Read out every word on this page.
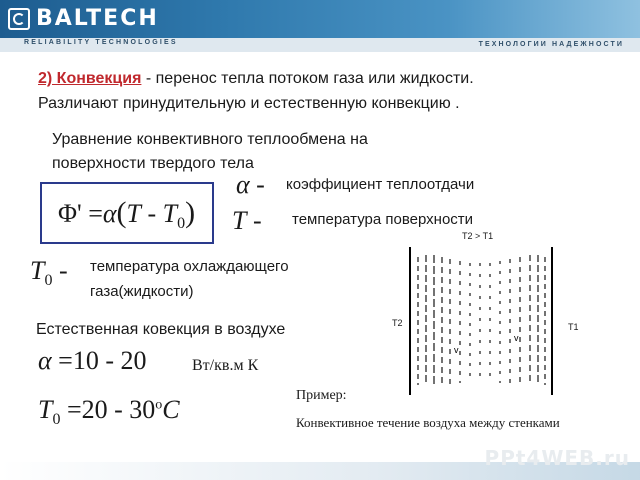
BALTECH
RELIABILITY TECHNOLOGIES	ТЕХНОЛОГИИ НАДЕЖНОСТИ
2) Конвекция - перенос тепла потоком газа или жидкости.
Различают принудительную и естественную конвекцию .
Уравнение конвективного теплообмена на поверхности твердого тела
$\Phi' =\alpha(T - T_0)$
α - коэффициент теплоотдачи
T - температура поверхности
$T_0$ - температура охлаждающего
газа(жидкости)
Естественная ковекция в воздухе
α =10 - 20	Вт/кв.м К
$T_0 =20 - 30^oC$	Пример:
Конвективное течение воздуха между стенками
v
v
T2 > T1
T2	T1
PPt4WEB.ru
